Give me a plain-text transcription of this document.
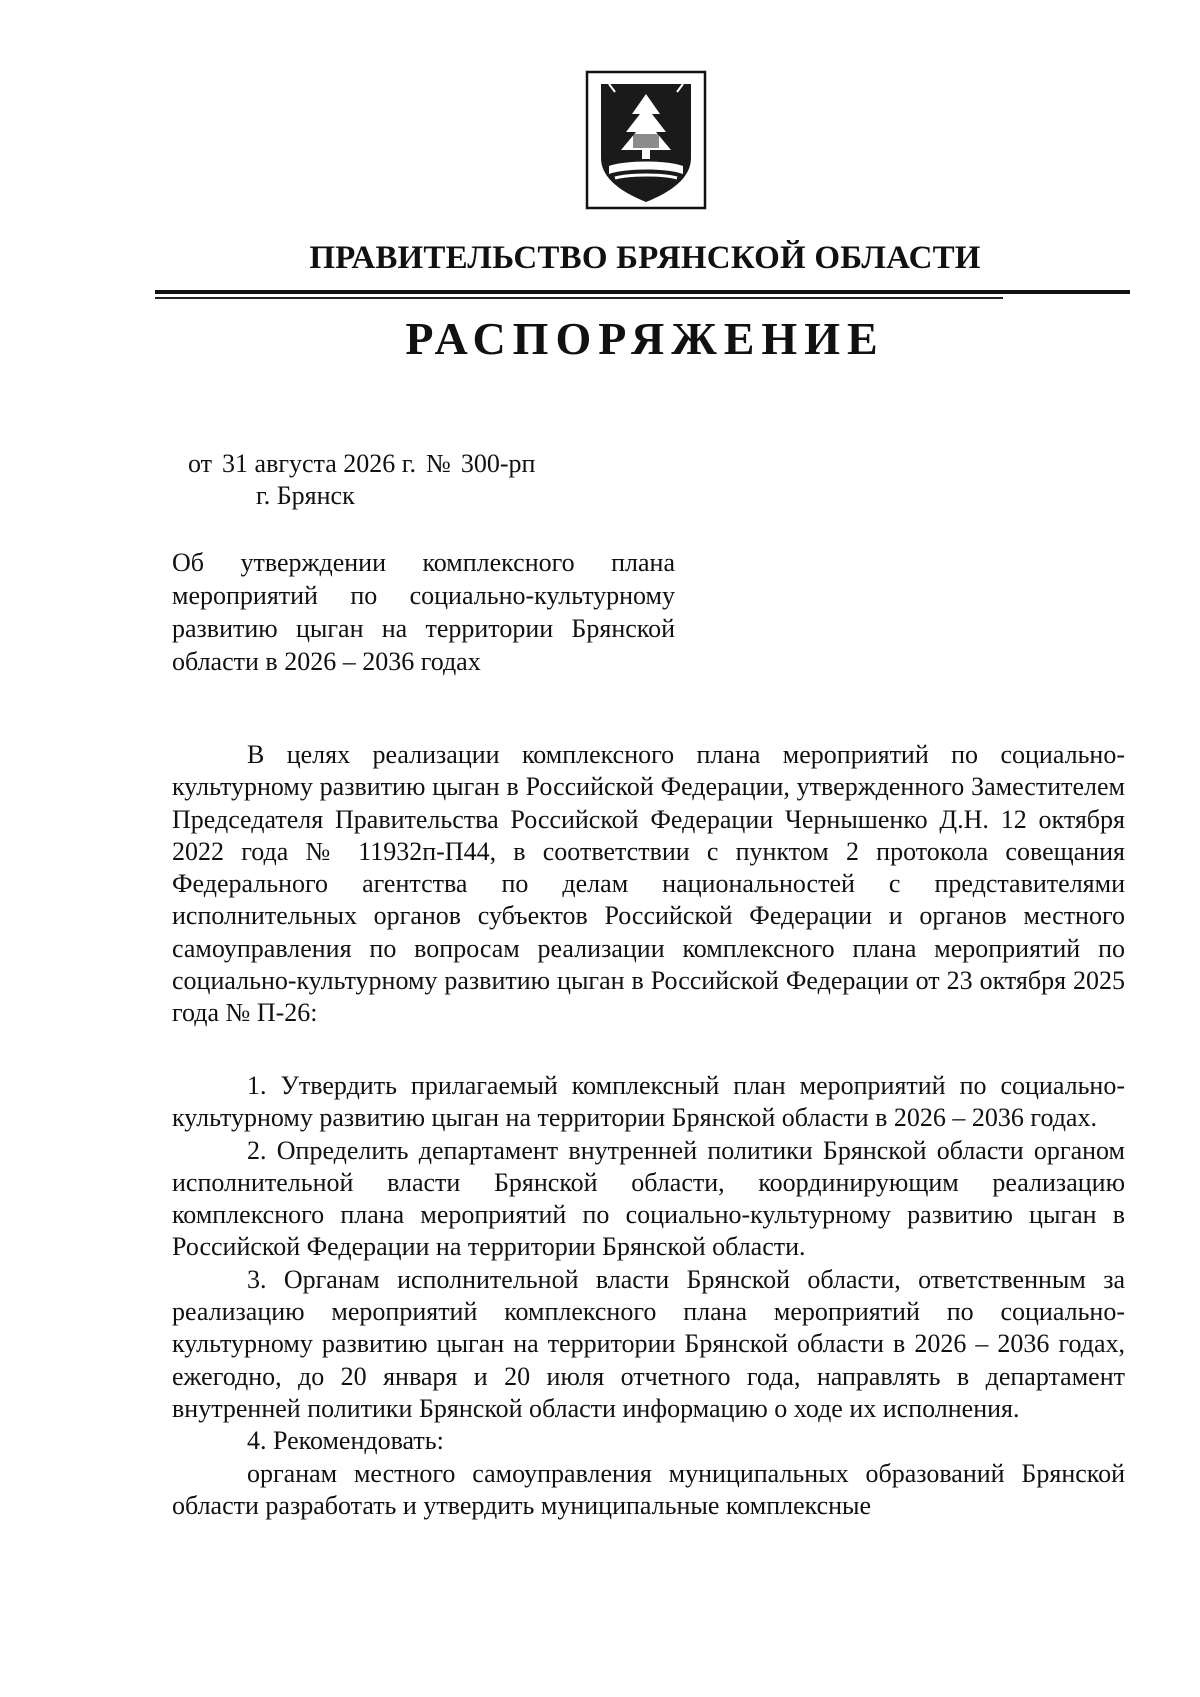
ПРАВИТЕЛЬСТВО БРЯНСКОЙ ОБЛАСТИ
РАСПОРЯЖЕНИЕ
от 31 августа 2026 г. № 300-рп
г. Брянск
Об утверждении комплексного плана
мероприятий по социально-культурному
развитию цыган на территории Брянской
области в 2026 – 2036 годах

В целях реализации комплексного плана мероприятий по социально-культурному развитию цыган в Российской Федерации, утвержденного Заместителем Председателя Правительства Российской Федерации Чернышенко Д.Н. 12 октября 2022 года № 11932п-П44, в соответствии с пунктом 2 протокола совещания Федерального агентства по делам национальностей с представителями исполнительных органов субъектов Российской Федерации и органов местного самоуправления по вопросам реализации комплексного плана мероприятий по социально-культурному развитию цыган в Российской Федерации от 23 октября 2025 года № П-26:

1. Утвердить прилагаемый комплексный план мероприятий по социально-культурному развитию цыган на территории Брянской области в 2026 – 2036 годах.

2. Определить департамент внутренней политики Брянской области органом исполнительной власти Брянской области, координирующим реализацию комплексного плана мероприятий по социально-культурному развитию цыган в Российской Федерации на территории Брянской области.

3. Органам исполнительной власти Брянской области, ответственным за реализацию мероприятий комплексного плана мероприятий по социально-культурному развитию цыган на территории Брянской области в 2026 – 2036 годах, ежегодно, до 20 января и 20 июля отчетного года, направлять в департамент внутренней политики Брянской области информацию о ходе их исполнения.

4. Рекомендовать:

органам местного самоуправления муниципальных образований Брянской области разработать и утвердить муниципальные комплексные
